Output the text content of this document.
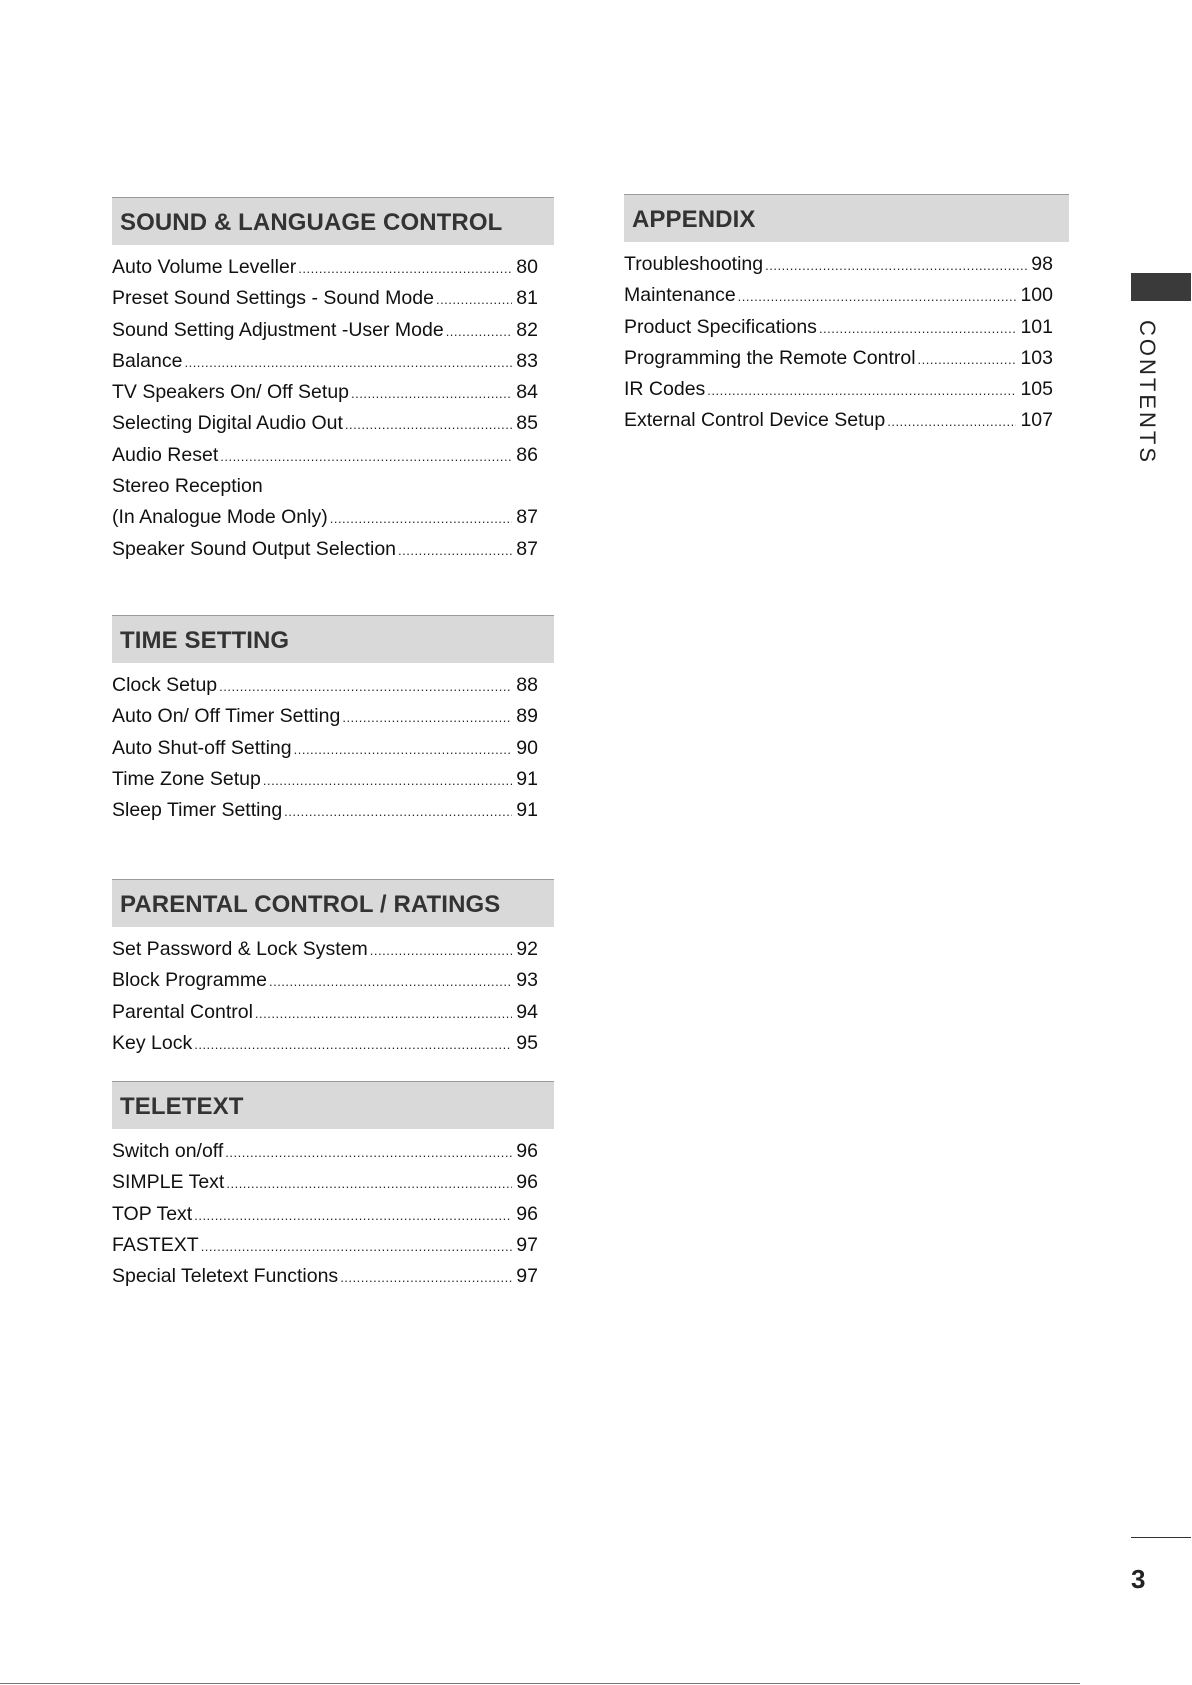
SOUND & LANGUAGE CONTROL
Auto Volume Leveller .....	80
Preset Sound Settings - Sound Mode .....	81
Sound Setting Adjustment -User Mode .....	82
Balance .....	83
TV Speakers On/ Off Setup .....	84
Selecting Digital Audio Out .....	85
Audio Reset .....	86
Stereo Reception
(In Analogue Mode Only) .....	87
Speaker Sound Output Selection .....	87
TIME SETTING
Clock Setup .....	88
Auto On/ Off Timer Setting .....	89
Auto Shut-off Setting .....	90
Time Zone Setup .....	91
Sleep Timer Setting .....	91
PARENTAL CONTROL / RATINGS
Set Password & Lock System .....	92
Block Programme .....	93
Parental Control .....	94
Key Lock .....	95
TELETEXT
Switch on/off .....	96
SIMPLE Text .....	96
TOP Text .....	96
FASTEXT .....	97
Special Teletext Functions .....	97
APPENDIX
Troubleshooting .....	98
Maintenance .....	100
Product Specifications .....	101
Programming the Remote Control .....	103
IR Codes .....	105
External Control Device Setup .....	107	CONTENTS
3
